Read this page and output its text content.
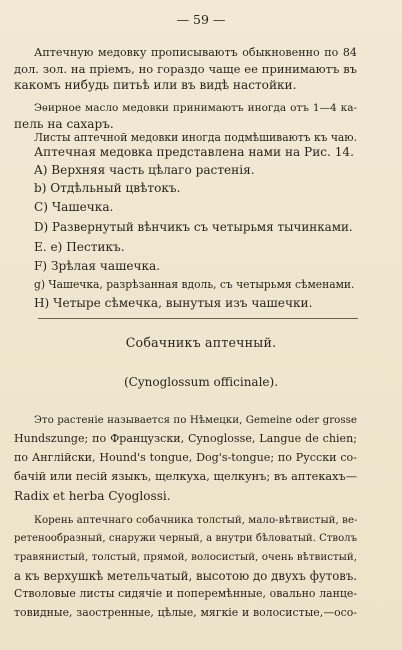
— 59 —
Аптечную медовку прописываютъ обыкновенно по 84
дол. зол. на пріемъ, но гораздо чаще ее принимаютъ въ
какомъ нибудь питьѣ или въ видѣ настойки.
Эѳирное масло медовки принимаютъ иногда отъ 1—4 ка-
пель на сахаръ.
Листы аптечной медовки иногда подмѣшиваютъ къ чаю.
Аптечная медовка представлена нами на Рис. 14.
A) Верхняя часть цѣлаго растенія.
b) Отдѣльный цвѣтокъ.
C) Чашечка.
D) Развернутый вѣнчикъ съ четырьмя тычинками.
E. e) Пестикъ.
F) Зрѣлая чашечка.
g) Чашечка, разрѣзанная вдоль, съ четырьмя сѣменами.
H) Четыре сѣмечка, вынутыя изъ чашечки.
Собачникъ аптечный.
(Cynoglossum officinale).
Это растеніе называется по Нѣмецки, Gemeine oder grosse
Hundszunge; по Французски, Cynoglosse, Langue de chien;
по Англійски, Hound's tongue, Dog's-tongue; по Русски со-
бачій или песій языкъ, щелкуха, щелкунъ; въ аптекахъ—
Radix et herba Cyoglossi.
Корень аптечнаго собачника толстый, мало-вѣтвистый, ве-
ретенообразный, снаружи черный, а внутри бѣловатый. Стволъ
травянистый, толстый, прямой, волосистый, очень вѣтвистый,
а къ верхушкѣ метельчатый, высотою до двухъ футовъ.
Стволовые листы сидячіе и поперемѣнные, овально ланце-
товидные, заостренные, цѣлые, мягкіе и волосистые,—осо-
